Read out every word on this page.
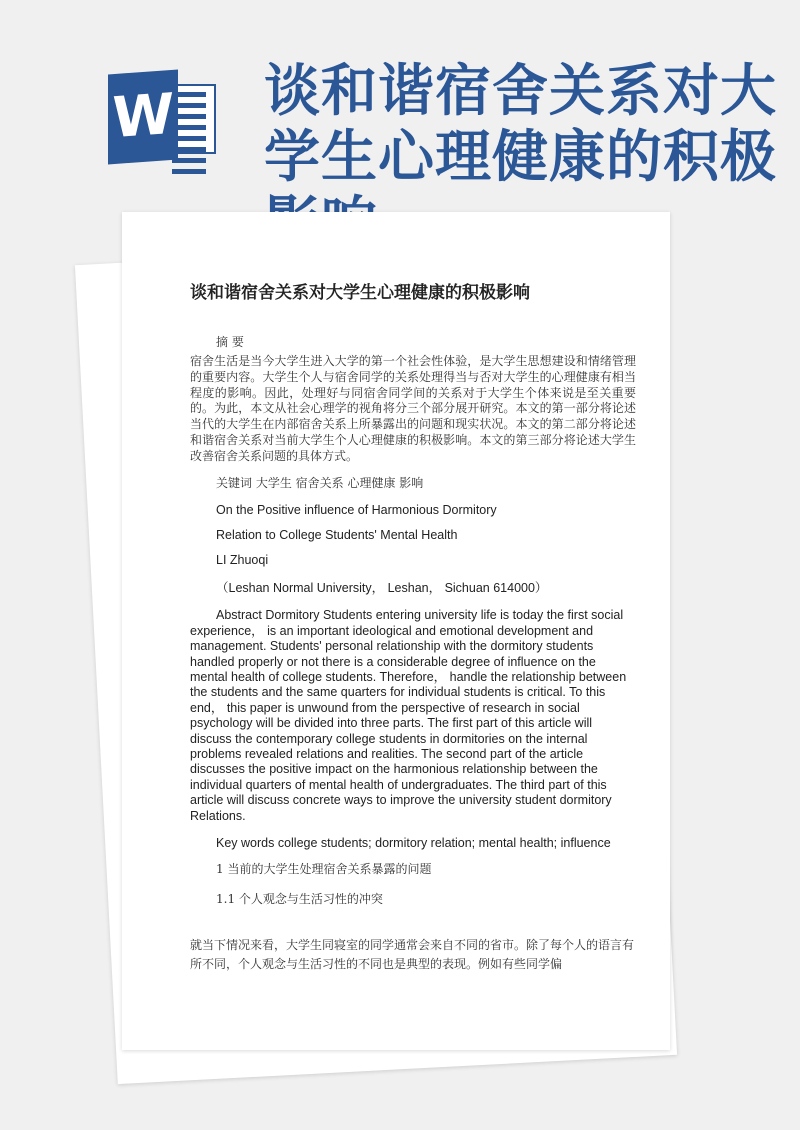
W 谈和谐宿舍关系对大学生心理健康的积极
谈和谐宿舍关系对大学生心理健康的积极影响

摘 要

宿舍生活是当今大学生进入大学的第一个社会性体验，是大学生思想建设和情绪管理的重要内容。大学生个人与宿舍同学的关系处理得当与否对大学生的心理健康有相当程度的影响。因此，处理好与同宿舍同学间的关系对于大学生个体来说是至关重要的。为此，本文从社会心理学的视角将分三个部分展开研究。本文的第一部分将论述当代的大学生在内部宿舍关系上所暴露出的问题和现实状况。本文的第二部分将论述和谐宿舍关系对当前大学生个人心理健康的积极影响。本文的第三部分将论述大学生改善宿舍关系问题的具体方式。

关键词 大学生 宿舍关系 心理健康 影响

On the Positive influence of Harmonious Dormitory

Relation to College Students' Mental Health

LI Zhuoqi

（Leshan Normal University， Leshan， Sichuan 614000）

Abstract Dormitory Students entering university life is today the first social experience， is an important ideological and emotional development and management. Students' personal relationship with the dormitory students handled properly or not there is a considerable degree of influence on the mental health of college students. Therefore， handle the relationship between the students and the same quarters for individual students is critical. To this end， this paper is unwound from the perspective of research in social psychology will be divided into three parts. The first part of this article will discuss the contemporary college students in dormitories on the internal problems revealed relations and realities. The second part of the article discusses the positive impact on the harmonious relationship between the individual quarters of mental health of undergraduates. The third part of this article will discuss concrete ways to improve the university student dormitory Relations.

Key words college students; dormitory relation; mental health; influence

1 当前的大学生处理宿舍关系暴露的问题

1.1 个人观念与生活习性的冲突

就当下情况来看，大学生同寝室的同学通常会来自不同的省市。除了每个人的语言有所不同，个人观念与生活习性的不同也是典型的表现。例如有些同学偏
